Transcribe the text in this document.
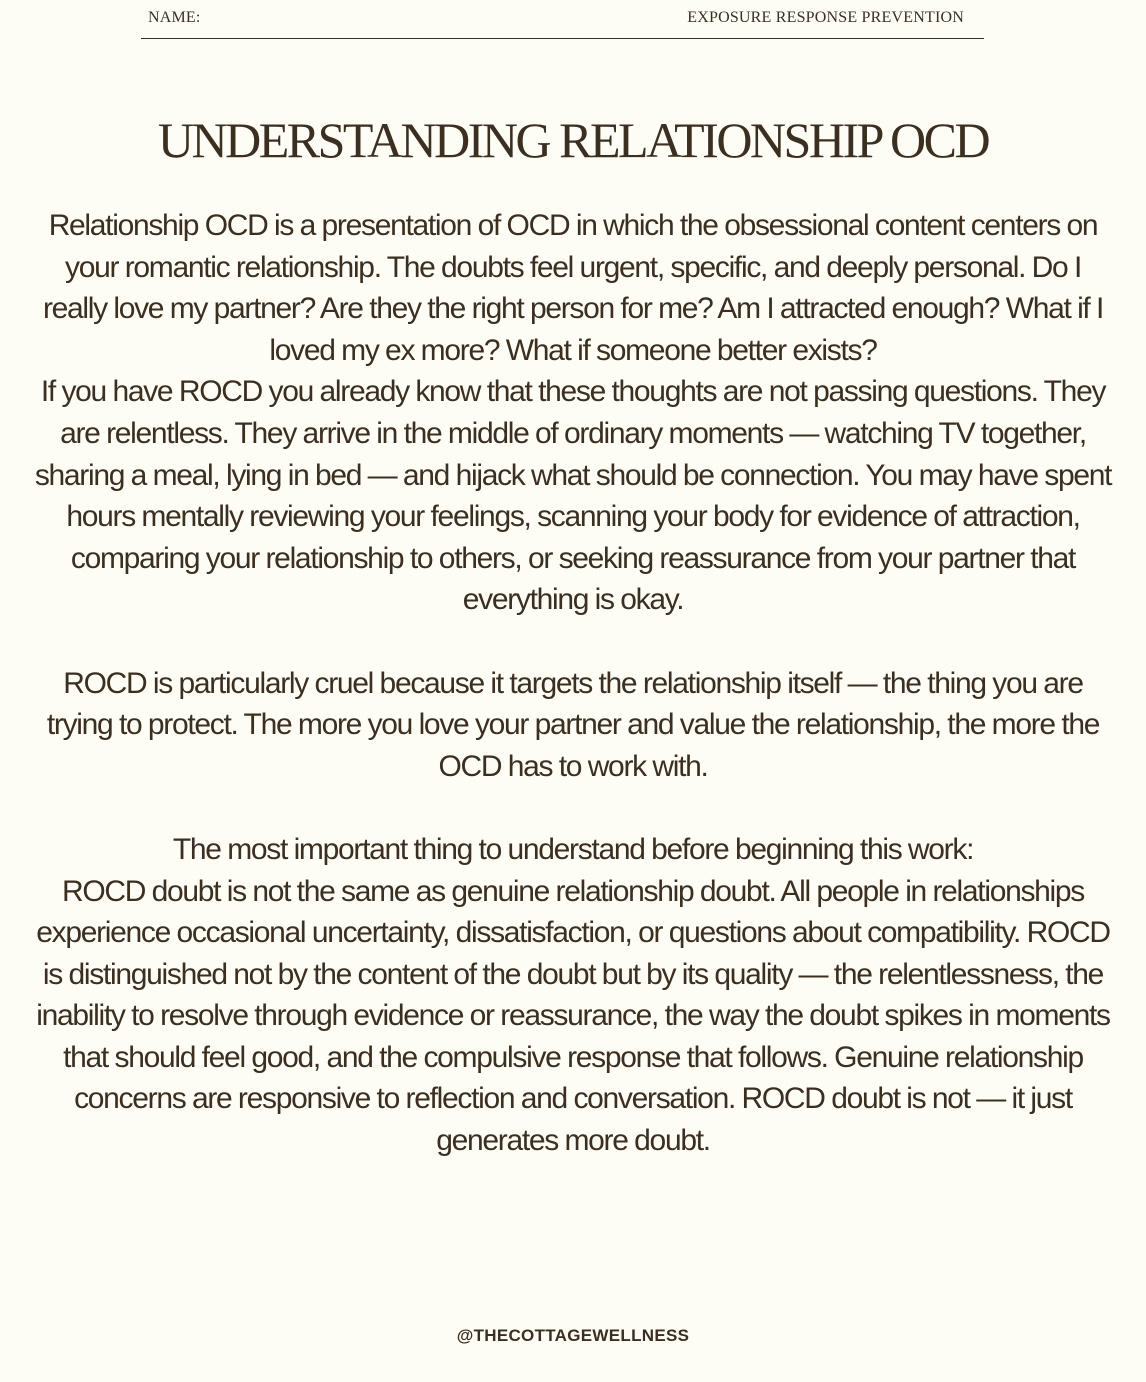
NAME:	EXPOSURE RESPONSE PREVENTION
UNDERSTANDING RELATIONSHIP OCD

Relationship OCD is a presentation of OCD in which the obsessional content centers on your romantic relationship. The doubts feel urgent, specific, and deeply personal. Do I really love my partner? Are they the right person for me? Am I attracted enough? What if I loved my ex more? What if someone better exists?

If you have ROCD you already know that these thoughts are not passing questions. They are relentless. They arrive in the middle of ordinary moments — watching TV together, sharing a meal, lying in bed — and hijack what should be connection. You may have spent hours mentally reviewing your feelings, scanning your body for evidence of attraction, comparing your relationship to others, or seeking reassurance from your partner that everything is okay.

ROCD is particularly cruel because it targets the relationship itself — the thing you are trying to protect. The more you love your partner and value the relationship, the more the OCD has to work with.

The most important thing to understand before beginning this work:

ROCD doubt is not the same as genuine relationship doubt. All people in relationships experience occasional uncertainty, dissatisfaction, or questions about compatibility. ROCD is distinguished not by the content of the doubt but by its quality — the relentlessness, the inability to resolve through evidence or reassurance, the way the doubt spikes in moments that should feel good, and the compulsive response that follows. Genuine relationship concerns are responsive to reflection and conversation. ROCD doubt is not — it just generates more doubt.

@THECOTTAGEWELLNESS
